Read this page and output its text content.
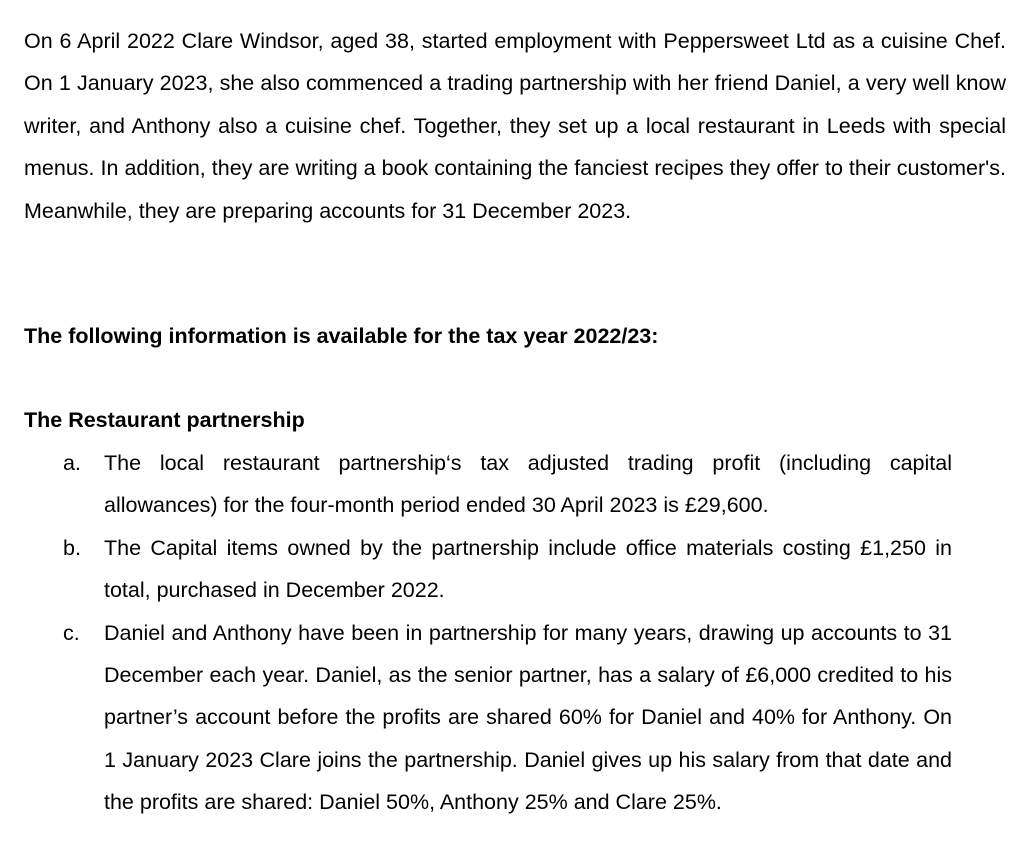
On 6 April 2022 Clare Windsor, aged 38, started employment with Peppersweet Ltd as a cuisine Chef. On 1 January 2023, she also commenced a trading partnership with her friend Daniel, a very well know writer, and Anthony also a cuisine chef. Together, they set up a local restaurant in Leeds with special menus. In addition, they are writing a book containing the fanciest recipes they offer to their customer's. Meanwhile, they are preparing accounts for 31 December 2023.

The following information is available for the tax year 2022/23:

The Restaurant partnership

a. The local restaurant partnership‘s tax adjusted trading profit (including capital allowances) for the four-month period ended 30 April 2023 is £29,600.
b. The Capital items owned by the partnership include office materials costing £1,250 in total, purchased in December 2022.
c. Daniel and Anthony have been in partnership for many years, drawing up accounts to 31 December each year. Daniel, as the senior partner, has a salary of £6,000 credited to his partner’s account before the profits are shared 60% for Daniel and 40% for Anthony. On 1 January 2023 Clare joins the partnership. Daniel gives up his salary from that date and the profits are shared: Daniel 50%, Anthony 25% and Clare 25%.
